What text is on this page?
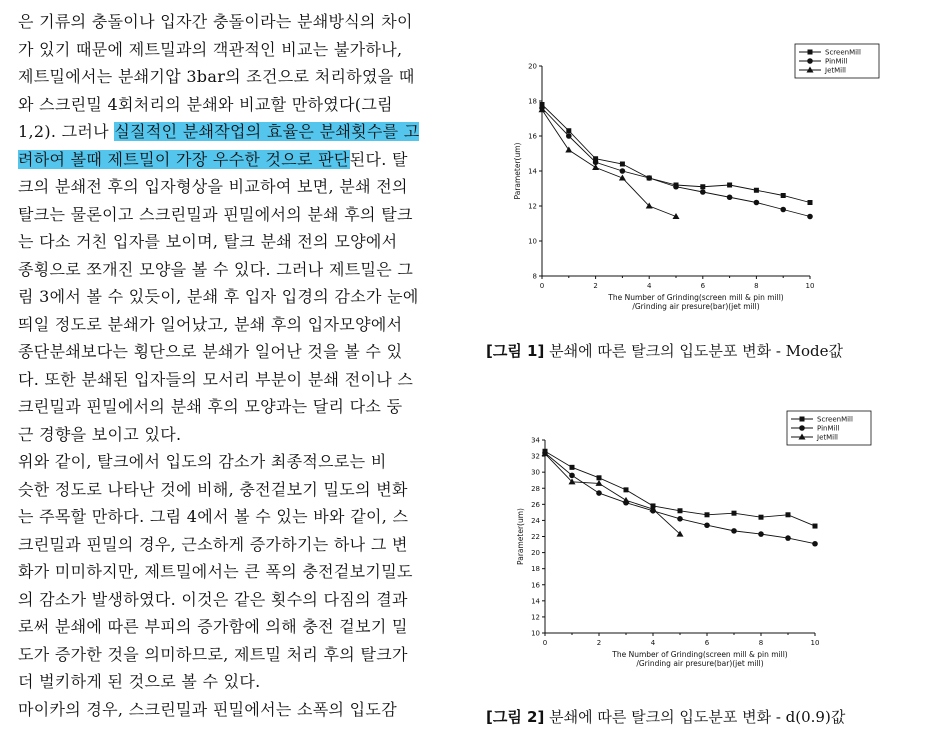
은 기류의 충돌이나 입자간 충돌이라는 분쇄방식의 차이
가 있기 때문에 제트밀과의 객관적인 비교는 불가하나,
제트밀에서는 분쇄기압 3bar의 조건으로 처리하였을 때
와 스크린밀 4회처리의 분쇄와 비교할 만하였다(그림
1,2). 그러나 실질적인 분쇄작업의 효율은 분쇄횟수를 고
려하여 볼때 제트밀이 가장 우수한 것으로 판단된다. 탈
크의 분쇄전 후의 입자형상을 비교하여 보면, 분쇄 전의
탈크는 물론이고 스크린밀과 핀밀에서의 분쇄 후의 탈크
는 다소 거친 입자를 보이며, 탈크 분쇄 전의 모양에서
종횡으로 쪼개진 모양을 볼 수 있다. 그러나 제트밀은 그
림 3에서 볼 수 있듯이, 분쇄 후 입자 입경의 감소가 눈에
띄일 정도로 분쇄가 일어났고, 분쇄 후의 입자모양에서
종단분쇄보다는 횡단으로 분쇄가 일어난 것을 볼 수 있
다. 또한 분쇄된 입자들의 모서리 부분이 분쇄 전이나 스
크린밀과 핀밀에서의 분쇄 후의 모양과는 달리 다소 둥
근 경향을 보이고 있다.
위와 같이, 탈크에서 입도의 감소가 최종적으로는 비
슷한 정도로 나타난 것에 비해, 충전겉보기 밀도의 변화
는 주목할 만하다. 그림 4에서 볼 수 있는 바와 같이, 스
크린밀과 핀밀의 경우, 근소하게 증가하기는 하나 그 변
화가 미미하지만, 제트밀에서는 큰 폭의 충전겉보기밀도
의 감소가 발생하였다. 이것은 같은 횟수의 다짐의 결과
로써 분쇄에 따른 부피의 증가함에 의해 충전 겉보기 밀
도가 증가한 것을 의미하므로, 제트밀 처리 후의 탈크가
더 벌키하게 된 것으로 볼 수 있다.
마이카의 경우, 스크린밀과 핀밀에서는 소폭의 입도감
8
10
12
14
16
18
20
0	2	4	6	8	10
Parameter(um)
The Number of Grinding(screen mill & pin mill)
/Grinding air presure(bar)(jet mill)
ScreenMill
PinMill
JetMill
[그림 1] 분쇄에 따른 탈크의 입도분포 변화 - Mode값
10
12
14
16
18
20
22
24
26
28
30
32
34
0	2	4	6	8	10
Parameter(um)
The Number of Grinding(screen mill & pin mill)
/Grinding air presure(bar)(jet mill)
ScreenMill
PinMill
JetMill
[그림 2] 분쇄에 따른 탈크의 입도분포 변화 - d(0.9)값
